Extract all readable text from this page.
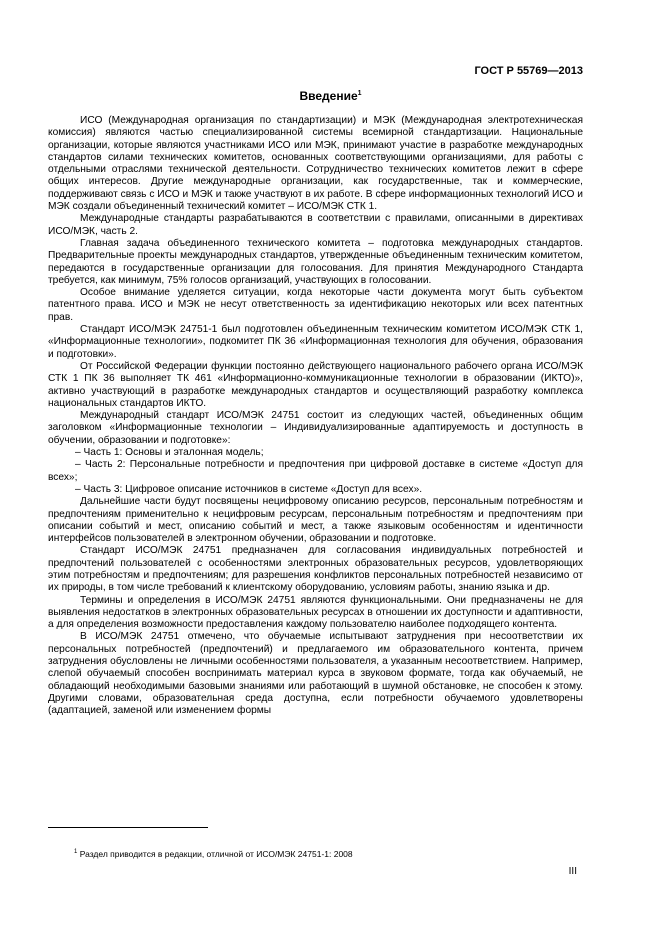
ГОСТ Р 55769—2013
Введение$^1$

ИСО (Международная организация по стандартизации) и МЭК (Международная электротехническая комиссия) являются частью специализированной системы всемирной стандартизации. Национальные организации, которые являются участниками ИСО или МЭК, принимают участие в разработке международных стандартов силами технических комитетов, основанных соответствующими организациями, для работы с отдельными отраслями технической деятельности. Сотрудничество технических комитетов лежит в сфере общих интересов. Другие международные организации, как государственные, так и коммерческие, поддерживают связь с ИСО и МЭК и также участвуют в их работе. В сфере информационных технологий ИСО и МЭК создали объединенный технический комитет – ИСО/МЭК СТК 1.

Международные стандарты разрабатываются в соответствии с правилами, описанными в директивах ИСО/МЭК, часть 2.

Главная задача объединенного технического комитета – подготовка международных стандартов. Предварительные проекты международных стандартов, утвержденные объединенным техническим комитетом, передаются в государственные организации для голосования. Для принятия Международного Стандарта требуется, как минимум, 75% голосов организаций, участвующих в голосовании.

Особое внимание уделяется ситуации, когда некоторые части документа могут быть субъектом патентного права. ИСО и МЭК не несут ответственность за идентификацию некоторых или всех патентных прав.

Стандарт ИСО/МЭК 24751-1 был подготовлен объединенным техническим комитетом ИСО/МЭК СТК 1, «Информационные технологии», подкомитет ПК 36 «Информационная технология для обучения, образования и подготовки».

От Российской Федерации функции постоянно действующего национального рабочего органа ИСО/МЭК СТК 1 ПК 36 выполняет ТК 461 «Информационно-коммуникационные технологии в образовании (ИКТО)», активно участвующий в разработке международных стандартов и осуществляющий разработку комплекса национальных стандартов ИКТО.

Международный стандарт ИСО/МЭК 24751 состоит из следующих частей, объединенных общим заголовком «Информационные технологии – Индивидуализированные адаптируемость и доступность в обучении, образовании и подготовке»:

– Часть 1: Основы и эталонная модель;

– Часть 2: Персональные потребности и предпочтения при цифровой доставке в системе «Доступ для всех»;

– Часть 3: Цифровое описание источников в системе «Доступ для всех».

Дальнейшие части будут посвящены нецифровому описанию ресурсов, персональным потребностям и предпочтениям применительно к нецифровым ресурсам, персональным потребностям и предпочтениям при описании событий и мест, описанию событий и мест, а также языковым особенностям и идентичности интерфейсов пользователей в электронном обучении, образовании и подготовке.

Стандарт ИСО/МЭК 24751 предназначен для согласования индивидуальных потребностей и предпочтений пользователей с особенностями электронных образовательных ресурсов, удовлетворяющих этим потребностям и предпочтениям; для разрешения конфликтов персональных потребностей независимо от их природы, в том числе требований к клиентскому оборудованию, условиям работы, знанию языка и др.

Термины и определения в ИСО/МЭК 24751 являются функциональными. Они предназначены не для выявления недостатков в электронных образовательных ресурсах в отношении их доступности и адаптивности, а для определения возможности предоставления каждому пользователю наиболее подходящего контента.

В ИСО/МЭК 24751 отмечено, что обучаемые испытывают затруднения при несоответствии их персональных потребностей (предпочтений) и предлагаемого им образовательного контента, причем затруднения обусловлены не личными особенностями пользователя, а указанным несоответствием. Например, слепой обучаемый способен воспринимать материал курса в звуковом формате, тогда как обучаемый, не обладающий необходимыми базовыми знаниями или работающий в шумной обстановке, не способен к этому. Другими словами, образовательная среда доступна, если потребности обучаемого удовлетворены (адаптацией, заменой или изменением формы

$^1$ Раздел приводится в редакции, отличной от ИСО/МЭК 24751-1: 2008
III
